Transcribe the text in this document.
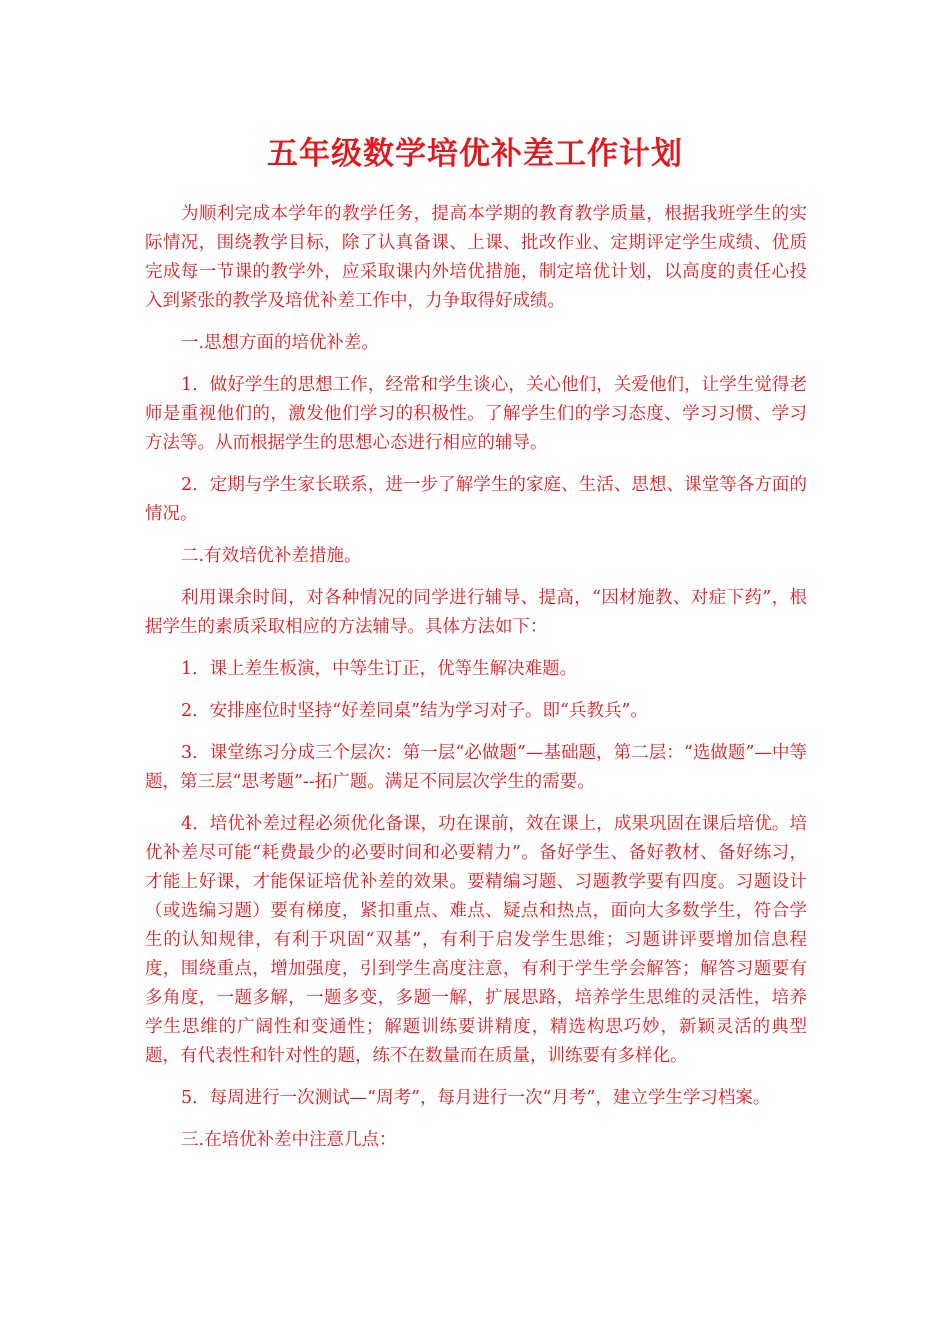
五年级数学培优补差工作计划

为顺利完成本学年的教学任务，提高本学期的教育教学质量，根据我班学生的实际情况，围绕教学目标，除了认真备课、上课、批改作业、定期评定学生成绩、优质完成每一节课的教学外，应采取课内外培优措施，制定培优计划，以高度的责任心投入到紧张的教学及培优补差工作中，力争取得好成绩。

一.思想方面的培优补差。

1．做好学生的思想工作，经常和学生谈心，关心他们，关爱他们，让学生觉得老师是重视他们的，激发他们学习的积极性。了解学生们的学习态度、学习习惯、学习方法等。从而根据学生的思想心态进行相应的辅导。

2．定期与学生家长联系，进一步了解学生的家庭、生活、思想、课堂等各方面的情况。

二.有效培优补差措施。

利用课余时间，对各种情况的同学进行辅导、提高，“因材施教、对症下药”，根据学生的素质采取相应的方法辅导。具体方法如下：

1．课上差生板演，中等生订正，优等生解决难题。

2．安排座位时坚持“好差同桌”结为学习对子。即“兵教兵”。

3．课堂练习分成三个层次：第一层“必做题”—基础题，第二层：“选做题”—中等题，第三层“思考题”--拓广题。满足不同层次学生的需要。

4．培优补差过程必须优化备课，功在课前，效在课上，成果巩固在课后培优。培优补差尽可能“耗费最少的必要时间和必要精力”。备好学生、备好教材、备好练习，才能上好课，才能保证培优补差的效果。要精编习题、习题教学要有四度。习题设计（或选编习题）要有梯度，紧扣重点、难点、疑点和热点，面向大多数学生，符合学生的认知规律，有利于巩固“双基”，有利于启发学生思维；习题讲评要增加信息程度，围绕重点，增加强度，引到学生高度注意，有利于学生学会解答；解答习题要有多角度，一题多解，一题多变，多题一解，扩展思路，培养学生思维的灵活性，培养学生思维的广阔性和变通性；解题训练要讲精度，精选构思巧妙，新颖灵活的典型题，有代表性和针对性的题，练不在数量而在质量，训练要有多样化。

5．每周进行一次测试—“周考”，每月进行一次“月考”，建立学生学习档案。

三.在培优补差中注意几点：
